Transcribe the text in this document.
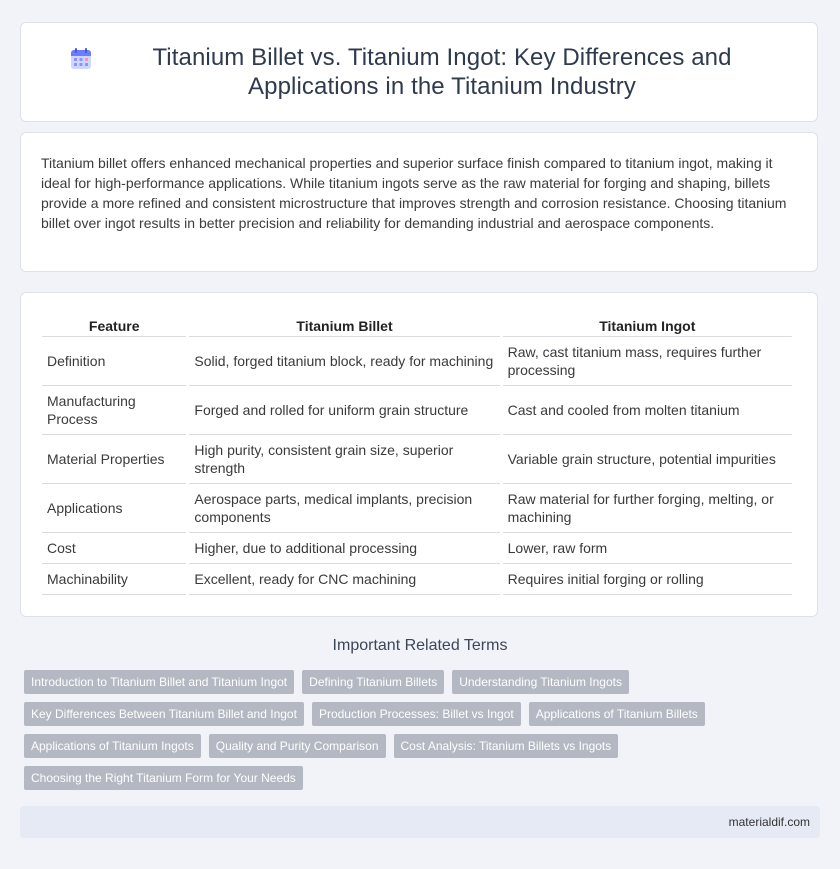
Titanium Billet vs. Titanium Ingot: Key Differences and Applications in the Titanium Industry

Titanium billet offers enhanced mechanical properties and superior surface finish compared to titanium ingot, making it ideal for high-performance applications. While titanium ingots serve as the raw material for forging and shaping, billets provide a more refined and consistent microstructure that improves strength and corrosion resistance. Choosing titanium billet over ingot results in better precision and reliability for demanding industrial and aerospace components.

Feature	Titanium Billet	Titanium Ingot
Definition	Solid, forged titanium block, ready for machining	Raw, cast titanium mass, requires further processing
Manufacturing Process	Forged and rolled for uniform grain structure	Cast and cooled from molten titanium
Material Properties	High purity, consistent grain size, superior strength	Variable grain structure, potential impurities
Applications	Aerospace parts, medical implants, precision components	Raw material for further forging, melting, or machining
Cost	Higher, due to additional processing	Lower, raw form
Machinability	Excellent, ready for CNC machining	Requires initial forging or rolling
Important Related Terms
Introduction to Titanium Billet and Titanium Ingot	Defining Titanium Billets	Understanding Titanium Ingots
Key Differences Between Titanium Billet and Ingot	Production Processes: Billet vs Ingot	Applications of Titanium Billets
Applications of Titanium Ingots	Quality and Purity Comparison	Cost Analysis: Titanium Billets vs Ingots
Choosing the Right Titanium Form for Your Needs
materialdif.com
